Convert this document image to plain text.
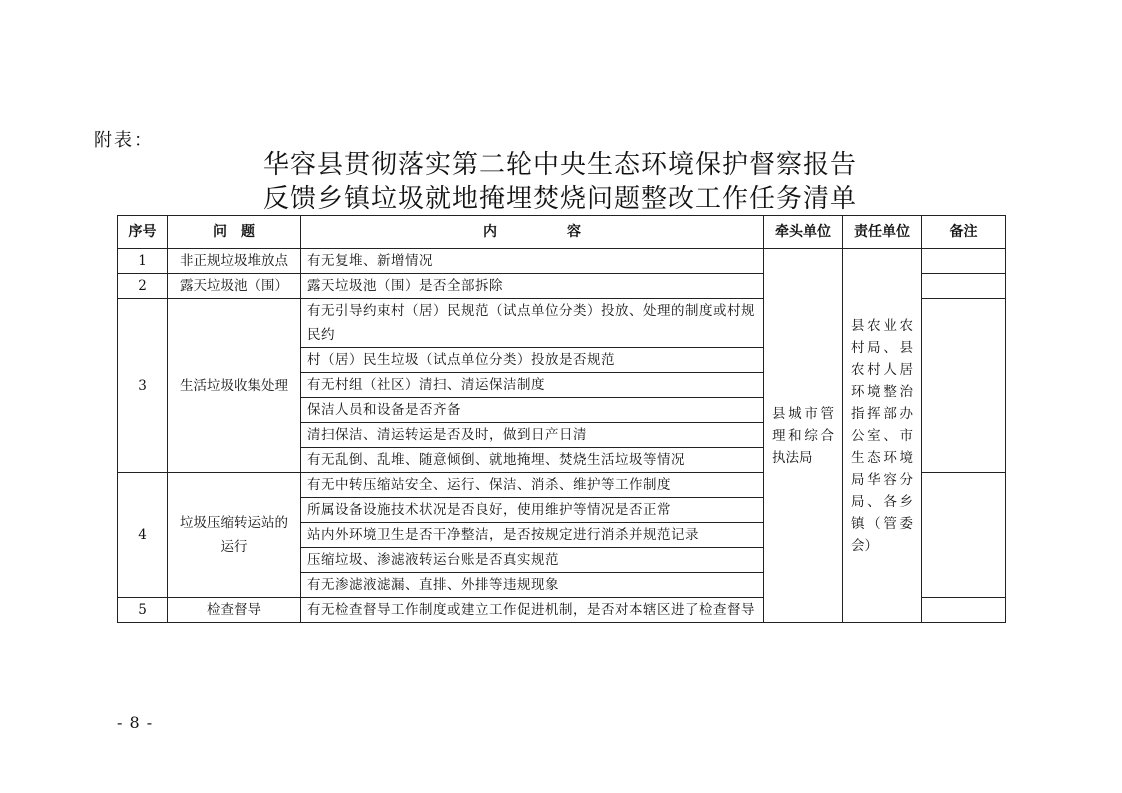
附表：
华容县贯彻落实第二轮中央生态环境保护督察报告
反馈乡镇垃圾就地掩埋焚烧问题整改工作任务清单
序号	问　题	内　　　　　容	牵头单位	责任单位	备注
1	非正规垃圾堆放点	有无复堆、新增情况	县城市管理和综合执法局	县农业农村局、县农村人居环境整治指挥部办公室、市生态环境局华容分局、各乡镇（管委会）	

2	露天垃圾池（围）	露天垃圾池（围）是否全部拆除			
3	生活垃圾收集处理	有无引导约束村（居）民规范（试点单位分类）投放、处理的制度或村规民约			
		村（居）民生垃圾（试点单位分类）投放是否规范			
		有无村组（社区）清扫、清运保洁制度			
		保洁人员和设备是否齐备			
		清扫保洁、清运转运是否及时，做到日产日清			
		有无乱倒、乱堆、随意倾倒、就地掩埋、焚烧生活垃圾等情况			
4	垃圾压缩转运站的运行	有无中转压缩站安全、运行、保洁、消杀、维护等工作制度			
		所属设备设施技术状况是否良好，使用维护等情况是否正常			
		站内外环境卫生是否干净整洁，是否按规定进行消杀并规范记录			
		压缩垃圾、渗滤液转运台账是否真实规范			
		有无渗滤液滤漏、直排、外排等违规现象			
5	检查督导	有无检查督导工作制度或建立工作促进机制，是否对本辖区进了检查督导			
- 8 -
